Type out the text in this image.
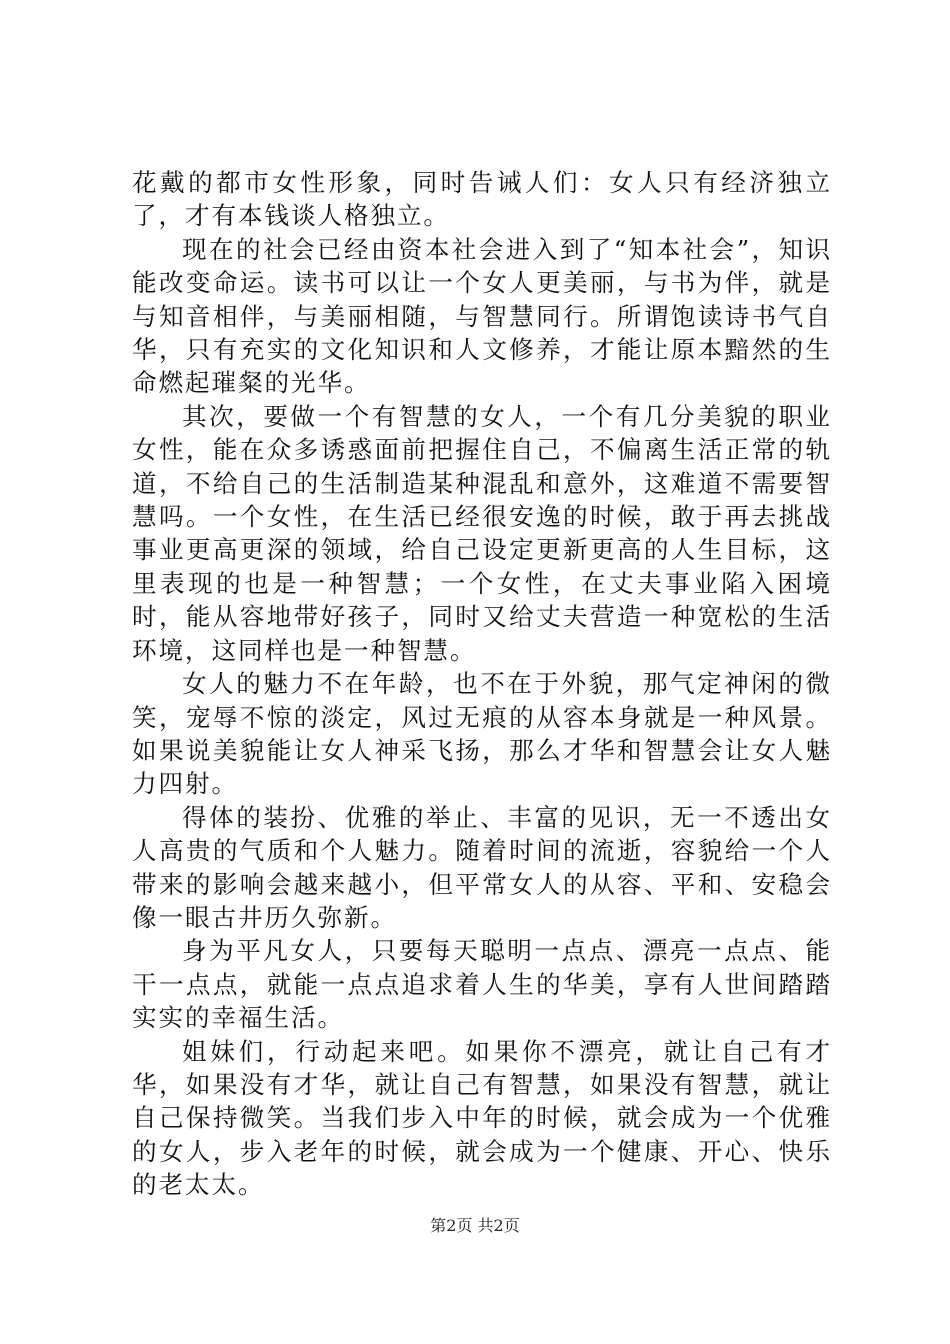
花戴的都市女性形象，同时告诫人们：女人只有经济独立了，才有本钱谈人格独立。

现在的社会已经由资本社会进入到了“知本社会”，知识能改变命运。读书可以让一个女人更美丽，与书为伴，就是与知音相伴，与美丽相随，与智慧同行。所谓饱读诗书气自华，只有充实的文化知识和人文修养，才能让原本黯然的生命燃起璀粲的光华。

其次，要做一个有智慧的女人，一个有几分美貌的职业女性，能在众多诱惑面前把握住自己，不偏离生活正常的轨道，不给自己的生活制造某种混乱和意外，这难道不需要智慧吗。一个女性，在生活已经很安逸的时候，敢于再去挑战事业更高更深的领域，给自己设定更新更高的人生目标，这里表现的也是一种智慧；一个女性，在丈夫事业陷入困境时，能从容地带好孩子，同时又给丈夫营造一种宽松的生活环境，这同样也是一种智慧。

女人的魅力不在年龄，也不在于外貌，那气定神闲的微笑，宠辱不惊的淡定，风过无痕的从容本身就是一种风景。如果说美貌能让女人神采飞扬，那么才华和智慧会让女人魅力四射。

得体的装扮、优雅的举止、丰富的见识，无一不透出女人高贵的气质和个人魅力。随着时间的流逝，容貌给一个人带来的影响会越来越小，但平常女人的从容、平和、安稳会像一眼古井历久弥新。

身为平凡女人，只要每天聪明一点点、漂亮一点点、能干一点点，就能一点点追求着人生的华美，享有人世间踏踏实实的幸福生活。

姐妹们，行动起来吧。如果你不漂亮，就让自己有才华，如果没有才华，就让自己有智慧，如果没有智慧，就让自己保持微笑。当我们步入中年的时候，就会成为一个优雅的女人，步入老年的时候，就会成为一个健康、开心、快乐的老太太。

第2页 共2页
